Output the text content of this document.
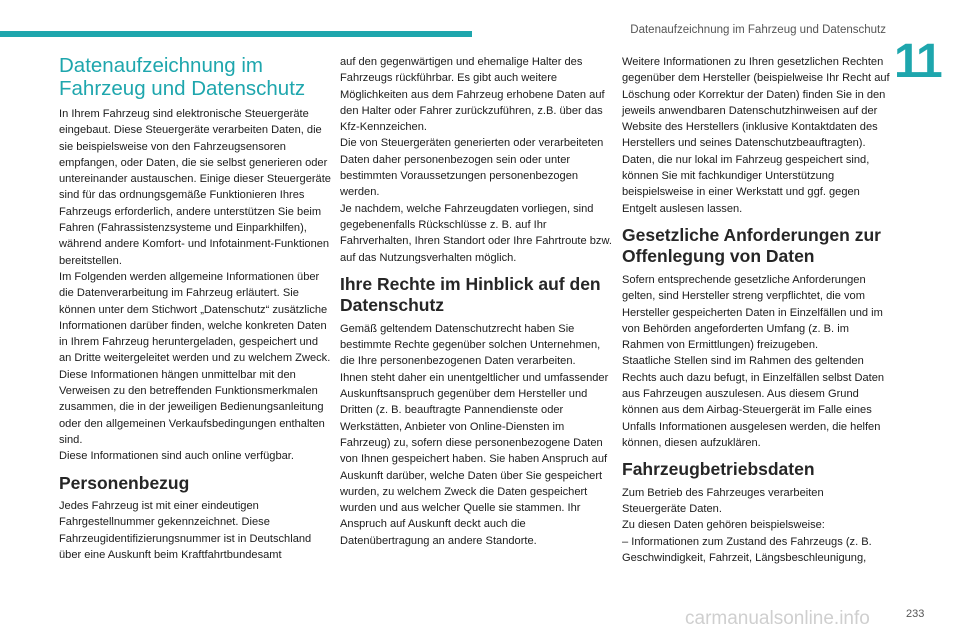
Datenaufzeichnung im Fahrzeug und Datenschutz
11
Datenaufzeichnung im Fahrzeug und Datenschutz

In Ihrem Fahrzeug sind elektronische Steuergeräte eingebaut. Diese Steuergeräte verarbeiten Daten, die sie beispielsweise von den Fahrzeugsensoren empfangen, oder Daten, die sie selbst generieren oder untereinander austauschen. Einige dieser Steuergeräte sind für das ordnungsgemäße Funktionieren Ihres Fahrzeugs erforderlich, andere unterstützen Sie beim Fahren (Fahrassistenzsysteme und Einparkhilfen), während andere Komfort- und Infotainment-Funktionen bereitstellen.

Im Folgenden werden allgemeine Informationen über die Datenverarbeitung im Fahrzeug erläutert. Sie können unter dem Stichwort „Datenschutz“ zusätzliche Informationen darüber finden, welche konkreten Daten in Ihrem Fahrzeug heruntergeladen, gespeichert und an Dritte weitergeleitet werden und zu welchem Zweck. Diese Informationen hängen unmittelbar mit den Verweisen zu den betreffenden Funktionsmerkmalen zusammen, die in der jeweiligen Bedienungsanleitung oder den allgemeinen Verkaufsbedingungen enthalten sind.

Diese Informationen sind auch online verfügbar.

Personenbezug

Jedes Fahrzeug ist mit einer eindeutigen Fahrgestellnummer gekennzeichnet. Diese Fahrzeugidentifizierungsnummer ist in Deutschland über eine Auskunft beim Kraftfahrtbundesamt

auf den gegenwärtigen und ehemalige Halter des Fahrzeugs rückführbar. Es gibt auch weitere Möglichkeiten aus dem Fahrzeug erhobene Daten auf den Halter oder Fahrer zurückzuführen, z.B. über das Kfz-Kennzeichen.

Die von Steuergeräten generierten oder verarbeiteten Daten daher personenbezogen sein oder unter bestimmten Voraussetzungen personenbezogen werden.

Je nachdem, welche Fahrzeugdaten vorliegen, sind gegebenenfalls Rückschlüsse z. B. auf Ihr Fahrverhalten, Ihren Standort oder Ihre Fahrtroute bzw. auf das Nutzungsverhalten möglich.

Ihre Rechte im Hinblick auf den Datenschutz

Gemäß geltendem Datenschutzrecht haben Sie bestimmte Rechte gegenüber solchen Unternehmen, die Ihre personenbezogenen Daten verarbeiten.

Ihnen steht daher ein unentgeltlicher und umfassender Auskunftsanspruch gegenüber dem Hersteller und Dritten (z. B. beauftragte Pannendienste oder Werkstätten, Anbieter von Online-Diensten im Fahrzeug) zu, sofern diese personenbezogene Daten von Ihnen gespeichert haben. Sie haben Anspruch auf Auskunft darüber, welche Daten über Sie gespeichert wurden, zu welchem Zweck die Daten gespeichert wurden und aus welcher Quelle sie stammen. Ihr Anspruch auf Auskunft deckt auch die Datenübertragung an andere Standorte.

Weitere Informationen zu Ihren gesetzlichen Rechten gegenüber dem Hersteller (beispielweise Ihr Recht auf Löschung oder Korrektur der Daten) finden Sie in den jeweils anwendbaren Datenschutzhinweisen auf der Website des Herstellers (inklusive Kontaktdaten des Herstellers und seines Datenschutzbeauftragten).

Daten, die nur lokal im Fahrzeug gespeichert sind, können Sie mit fachkundiger Unterstützung beispielsweise in einer Werkstatt und ggf. gegen Entgelt auslesen lassen.

Gesetzliche Anforderungen zur Offenlegung von Daten

Sofern entsprechende gesetzliche Anforderungen gelten, sind Hersteller streng verpflichtet, die vom Hersteller gespeicherten Daten in Einzelfällen und im von Behörden angeforderten Umfang (z. B. im Rahmen von Ermittlungen) freizugeben.

Staatliche Stellen sind im Rahmen des geltenden Rechts auch dazu befugt, in Einzelfällen selbst Daten aus Fahrzeugen auszulesen. Aus diesem Grund können aus dem Airbag-Steuergerät im Falle eines Unfalls Informationen ausgelesen werden, die helfen können, diesen aufzuklären.

Fahrzeugbetriebsdaten

Zum Betrieb des Fahrzeuges verarbeiten Steuergeräte Daten.

Zu diesen Daten gehören beispielsweise:

– Informationen zum Zustand des Fahrzeugs (z. B. Geschwindigkeit, Fahrzeit, Längsbeschleunigung,

carmanualsonline.info	233
